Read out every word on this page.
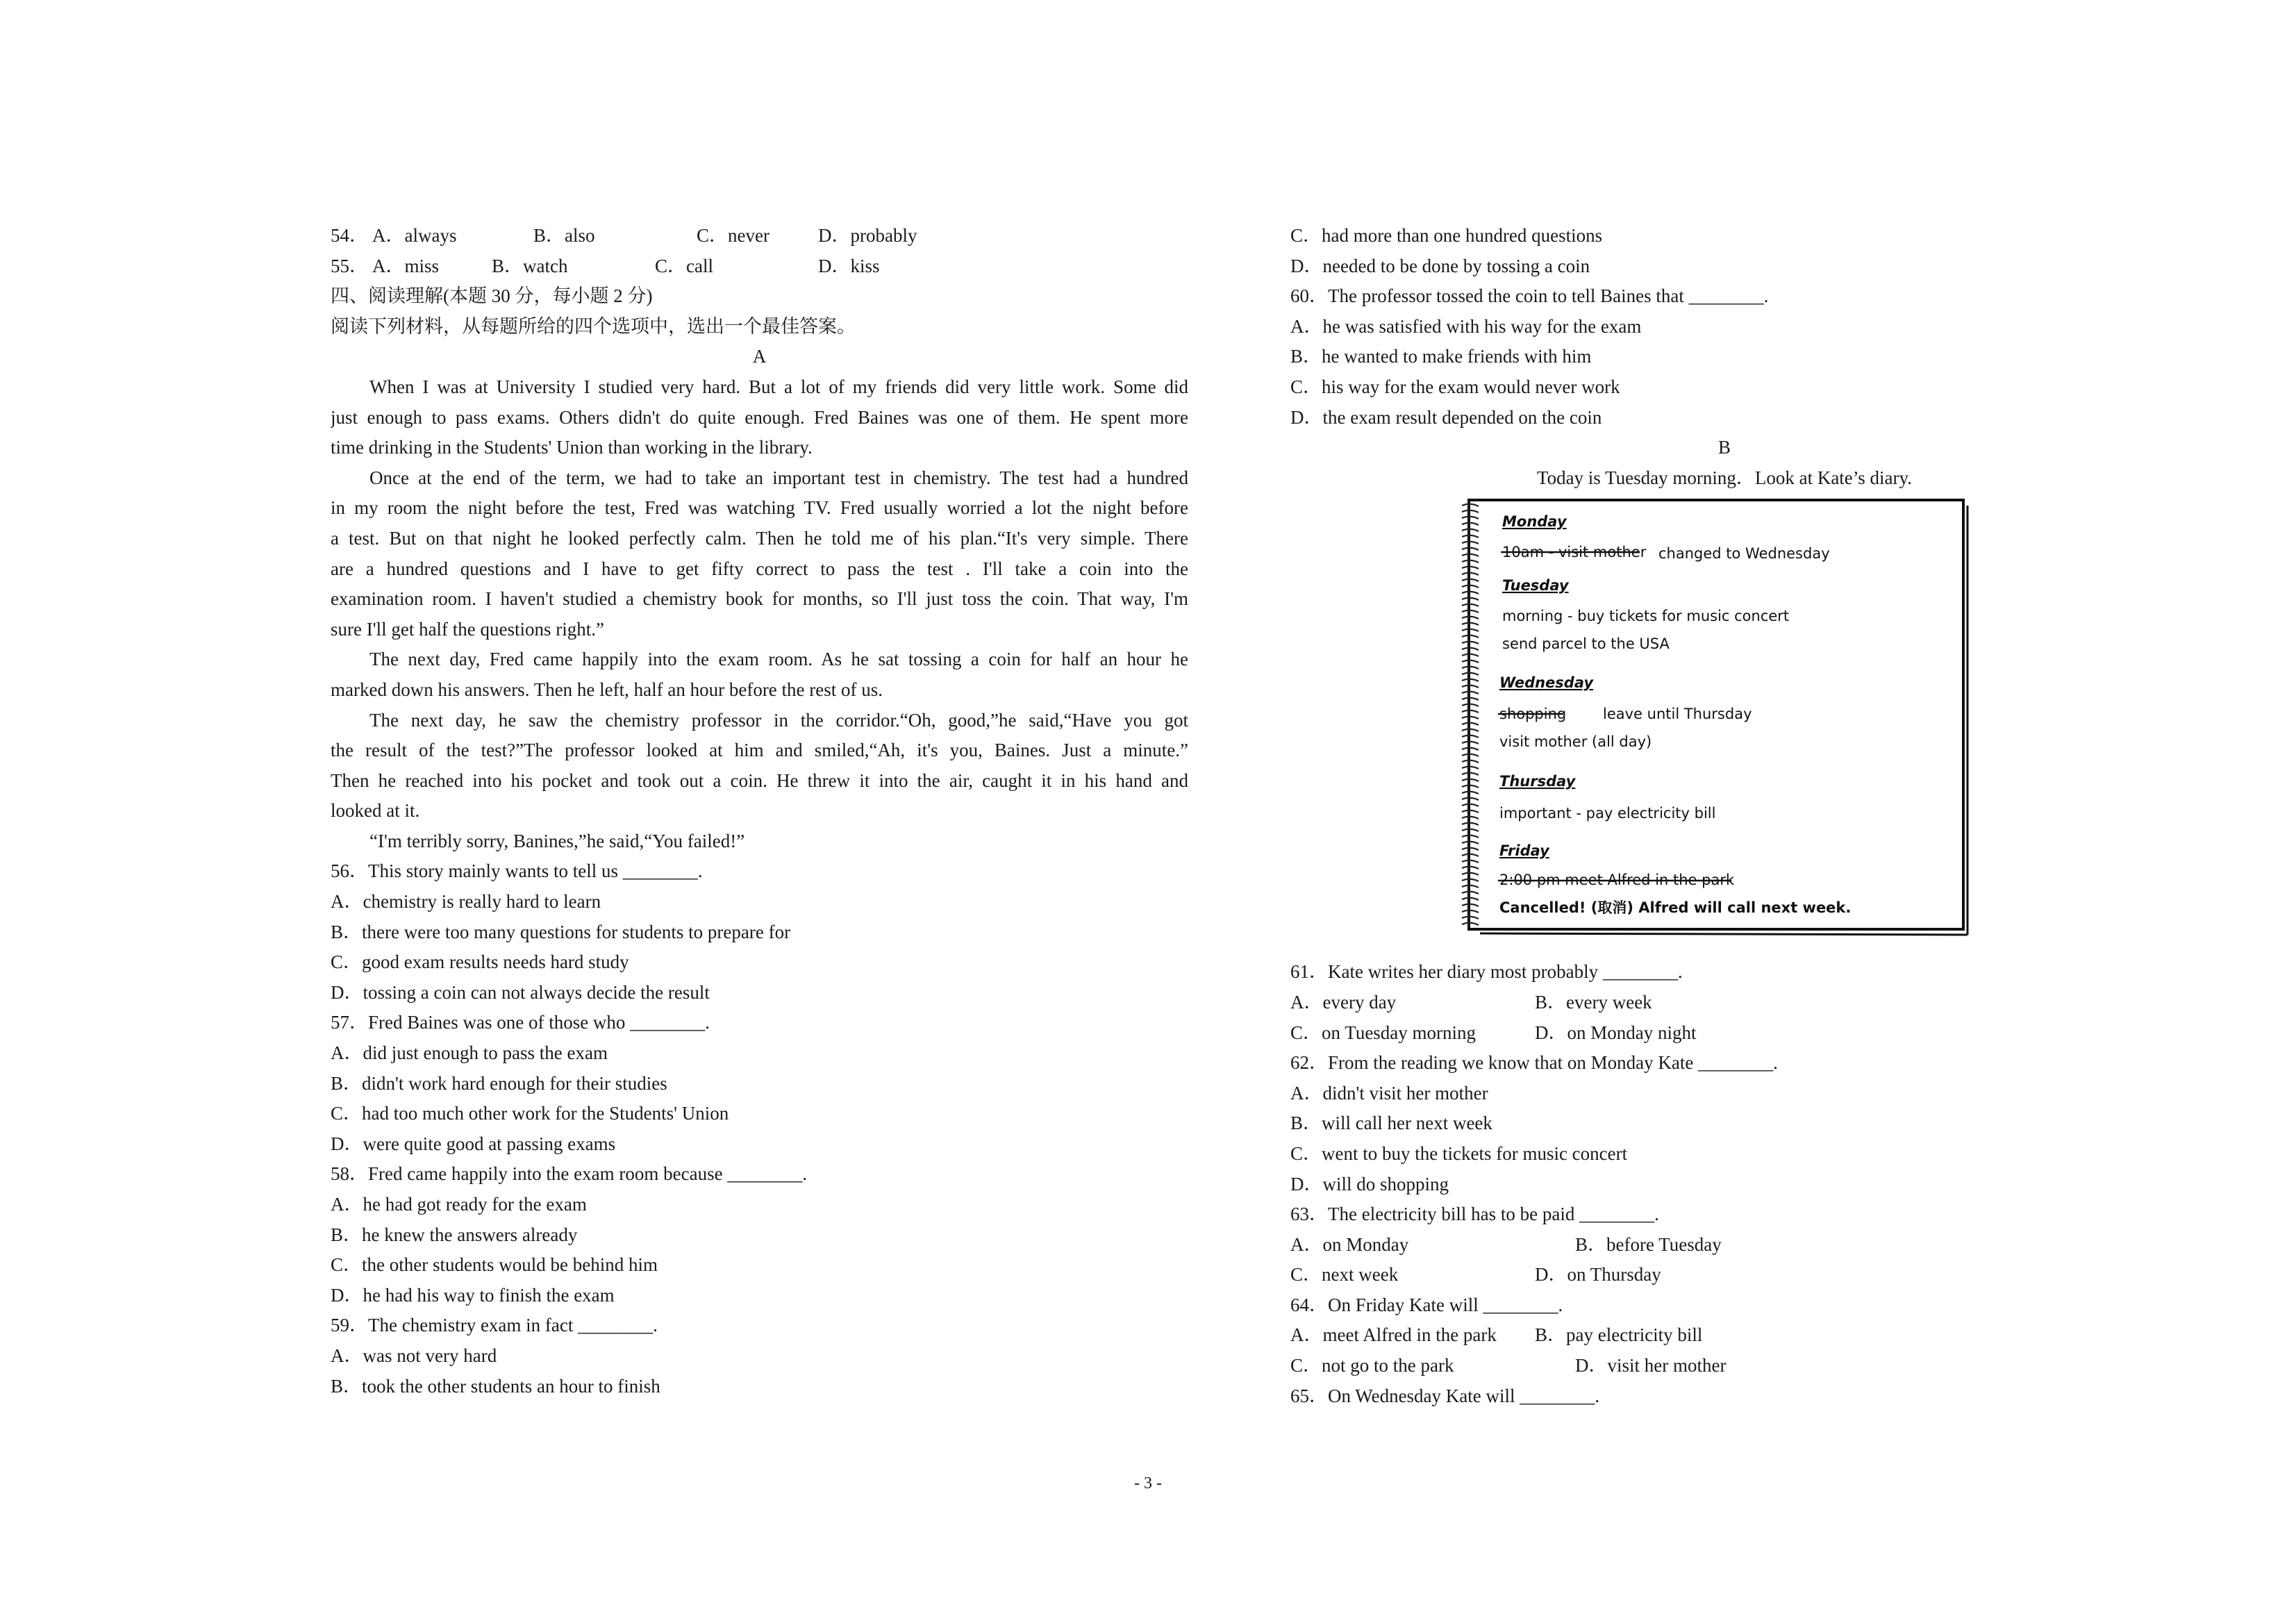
54． A．always	B．also	C．never	D．probably
55． A．miss	B．watch	C．call	D．kiss
四、阅读理解(本题 30 分，每小题 2 分)
阅读下列材料，从每题所给的四个选项中，选出一个最佳答案。
A
When I was at University I studied very hard. But a lot of my friends did very little work. Some did
just enough to pass exams. Others didn't do quite enough. Fred Baines was one of them. He spent more
time drinking in the Students' Union than working in the library.
Once at the end of the term, we had to take an important test in chemistry. The test had a hundred
in my room the night before the test, Fred was watching TV. Fred usually worried a lot the night before
a test. But on that night he looked perfectly calm. Then he told me of his plan.“It's very simple. There
are a hundred questions and I have to get fifty correct to pass the test . I'll take a coin into the
examination room. I haven't studied a chemistry book for months, so I'll just toss the coin. That way, I'm
sure I'll get half the questions right.”
The next day, Fred came happily into the exam room. As he sat tossing a coin for half an hour he
marked down his answers. Then he left, half an hour before the rest of us.
The next day, he saw the chemistry professor in the corridor.“Oh, good,”he said,“Have you got
the result of the test?”The professor looked at him and smiled,“Ah, it's you, Baines. Just a minute.”
Then he reached into his pocket and took out a coin. He threw it into the air, caught it in his hand and
looked at it.
“I'm terribly sorry, Banines,”he said,“You failed!”
56．This story mainly wants to tell us ________.
A．chemistry is really hard to learn
B．there were too many questions for students to prepare for
C．good exam results needs hard study
D．tossing a coin can not always decide the result
57．Fred Baines was one of those who ________.
A．did just enough to pass the exam
B．didn't work hard enough for their studies
C．had too much other work for the Students' Union
D．were quite good at passing exams
58．Fred came happily into the exam room because ________.
A．he had got ready for the exam
B．he knew the answers already
C．the other students would be behind him
D．he had his way to finish the exam
59．The chemistry exam in fact ________.
A．was not very hard
B．took the other students an hour to finish
C．had more than one hundred questions
D．needed to be done by tossing a coin
60．The professor tossed the coin to tell Baines that ________.
A．he was satisfied with his way for the exam
B．he wanted to make friends with him
C．his way for the exam would never work
D．the exam result depended on the coin
B
Today is Tuesday morning．Look at Kate’s diary.
Monday
10am - visit mother changed to Wednesday
Tuesday
morning - buy tickets for music concert
send parcel to the USA
Wednesday
shopping	leave until Thursday
visit mother (all day)
Thursday
important - pay electricity bill
Friday
2:00 pm meet Alfred in the park
Cancelled! (取消) Alfred will call next week.
61．Kate writes her diary most probably ________.
A．every day	B．every week
C．on Tuesday morning	D．on Monday night
62．From the reading we know that on Monday Kate ________.
A．didn't visit her mother
B．will call her next week
C．went to buy the tickets for music concert
D．will do shopping
63．The electricity bill has to be paid ________.
A．on Monday	B．before Tuesday
C．next week	D．on Thursday
64．On Friday Kate will ________.
A．meet Alfred in the park B．pay electricity bill
C．not go to the park	D．visit her mother
65．On Wednesday Kate will ________.
- 3 -
